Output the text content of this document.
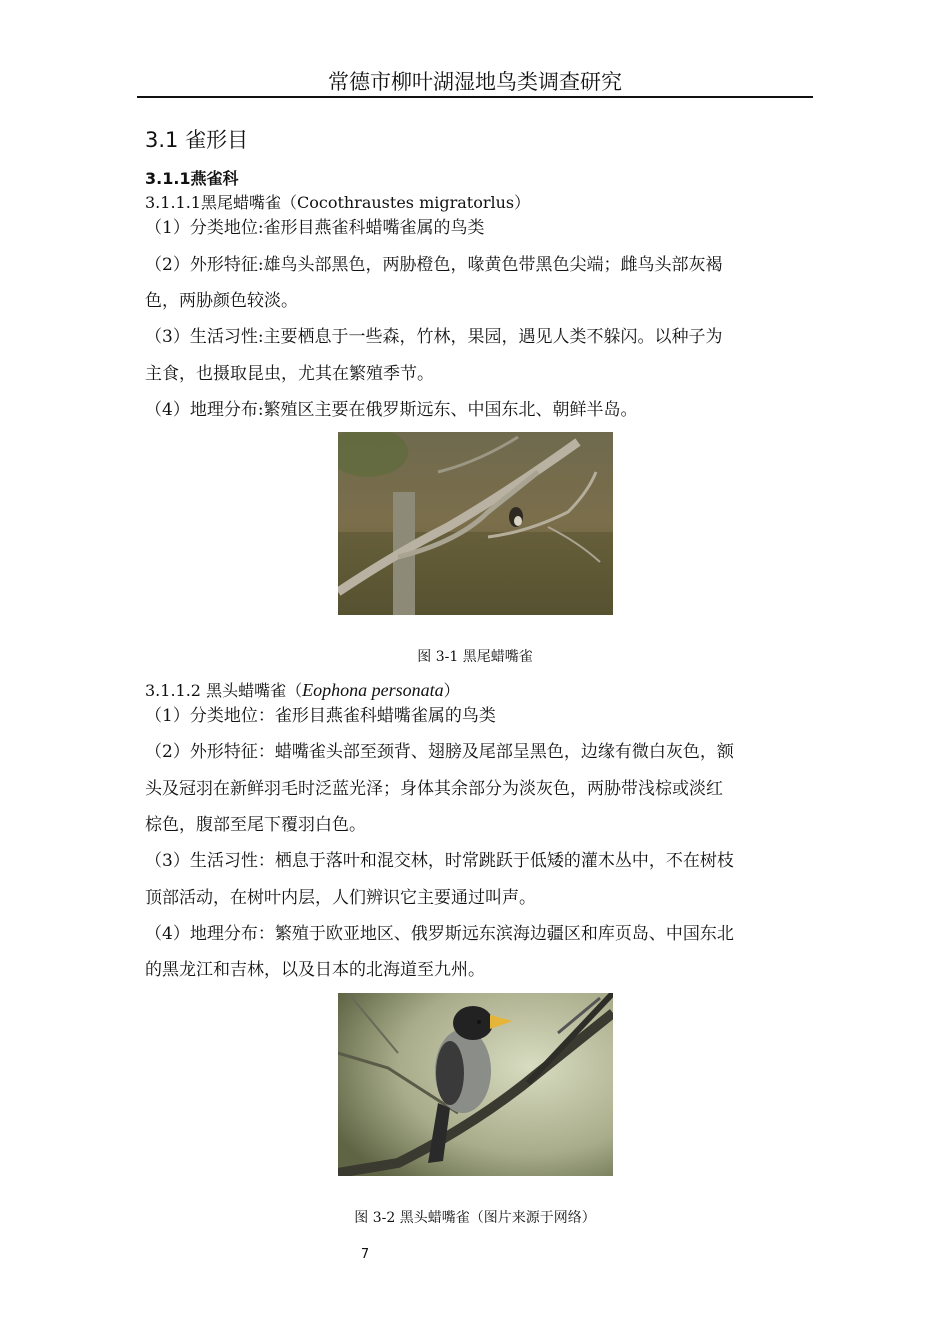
常德市柳叶湖湿地鸟类调查研究
3.1 雀形目
3.1.1燕雀科
3.1.1.1黑尾蜡嘴雀（Cocothraustes migratorlus）
（1）分类地位:雀形目燕雀科蜡嘴雀属的鸟类
（2）外形特征:雄鸟头部黑色，两胁橙色，喙黄色带黑色尖端；雌鸟头部灰褐
色，两胁颜色较淡。
（3）生活习性:主要栖息于一些森，竹林，果园，遇见人类不躲闪。以种子为
主食，也摄取昆虫，尤其在繁殖季节。
（4）地理分布:繁殖区主要在俄罗斯远东、中国东北、朝鲜半岛。
图 3-1 黑尾蜡嘴雀
3.1.1.2 黑头蜡嘴雀（Eophona personata）
（1）分类地位：雀形目燕雀科蜡嘴雀属的鸟类
（2）外形特征：蜡嘴雀头部至颈背、翅膀及尾部呈黑色，边缘有微白灰色，额
头及冠羽在新鲜羽毛时泛蓝光泽；身体其余部分为淡灰色，两胁带浅棕或淡红
棕色，腹部至尾下覆羽白色。
（3）生活习性：栖息于落叶和混交林，时常跳跃于低矮的灌木丛中，不在树枝
顶部活动，在树叶内层，人们辨识它主要通过叫声。
（4）地理分布：繁殖于欧亚地区、俄罗斯远东滨海边疆区和库页岛、中国东北
的黑龙江和吉林，以及日本的北海道至九州。
图 3-2 黑头蜡嘴雀（图片来源于网络）
7
